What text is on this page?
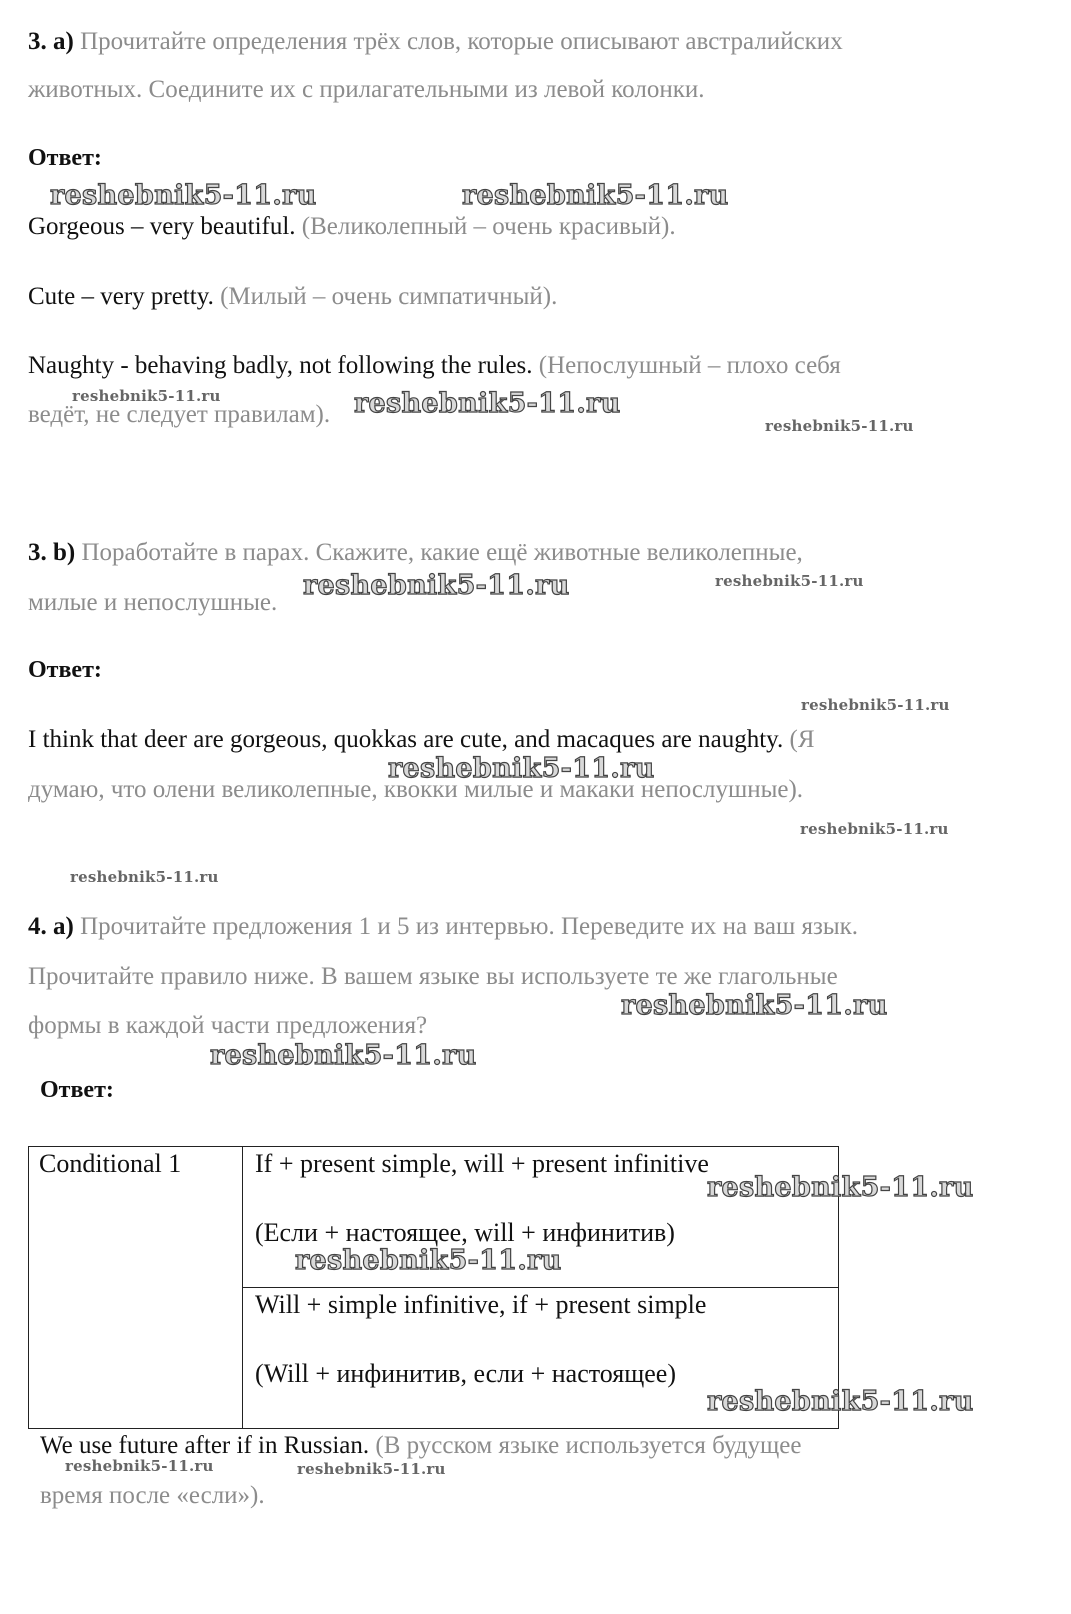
3. a) Прочитайте определения трёх слов, которые описывают австралийских
животных. Соедините их с прилагательными из левой колонки.
Ответ:
Gorgeous – very beautiful. (Великолепный – очень красивый).
Cute – very pretty. (Милый – очень симпатичный).
Naughty - behaving badly, not following the rules. (Непослушный – плохо себя
ведёт, не следует правилам).
3. b) Поработайте в парах. Скажите, какие ещё животные великолепные,
милые и непослушные.
Ответ:
I think that deer are gorgeous, quokkas are cute, and macaques are naughty. (Я
думаю, что олени великолепные, квокки милые и макаки непослушные).
4. a) Прочитайте предложения 1 и 5 из интервью. Переведите их на ваш язык.
Прочитайте правило ниже. В вашем языке вы используете те же глагольные
формы в каждой части предложения?
Ответ:
Conditional 1	If + present simple, will + present infinitive
(Если + настоящее, will + инфинитив)

Will + simple infinitive, if + present simple
(Will + инфинитив, если + настоящее)
We use future after if in Russian. (В русском языке используется будущее
время после «если»).
reshebnik5-11.ru	reshebnik5-11.ru
reshebnik5-11.ru	reshebnik5-11.ru
reshebnik5-11.ru
reshebnik5-11.ru	reshebnik5-11.ru
reshebnik5-11.ru
reshebnik5-11.ru
reshebnik5-11.ru
reshebnik5-11.ru
reshebnik5-11.ru
reshebnik5-11.ru
reshebnik5-11.ru
reshebnik5-11.ru
reshebnik5-11.ru
reshebnik5-11.ru	reshebnik5-11.ru
